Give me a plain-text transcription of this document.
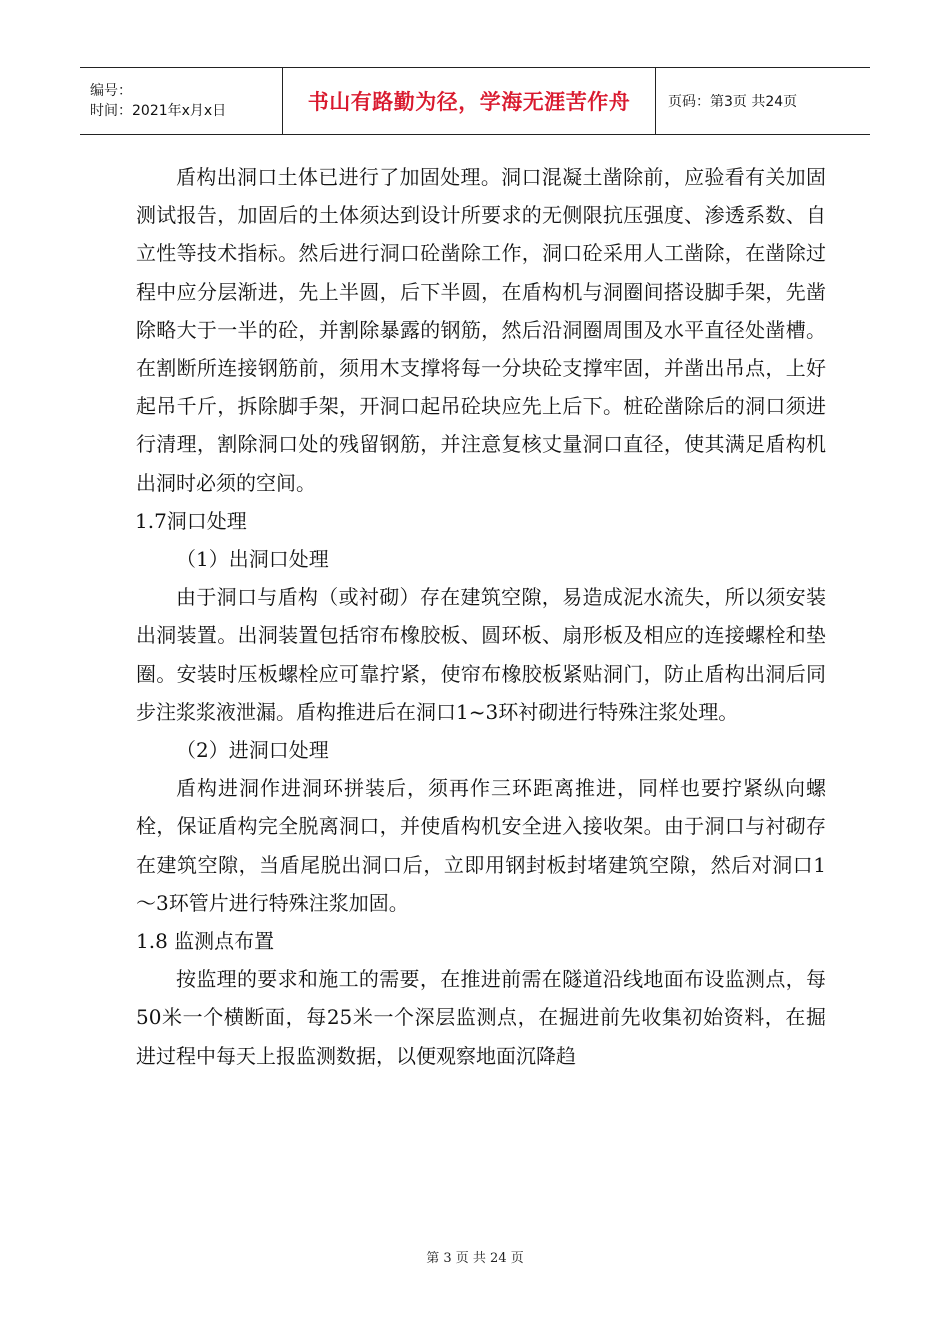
编号：
时间：2021年x月x日	书山有路勤为径，学海无涯苦作舟	页码：第3页 共24页

盾构出洞口土体已进行了加固处理。洞口混凝土凿除前，应验看有关加固测试报告，加固后的土体须达到设计所要求的无侧限抗压强度、渗透系数、自立性等技术指标。然后进行洞口砼凿除工作，洞口砼采用人工凿除，在凿除过程中应分层渐进，先上半圆，后下半圆，在盾构机与洞圈间搭设脚手架，先凿除略大于一半的砼，并割除暴露的钢筋，然后沿洞圈周围及水平直径处凿槽。在割断所连接钢筋前，须用木支撑将每一分块砼支撑牢固，并凿出吊点，上好起吊千斤，拆除脚手架，开洞口起吊砼块应先上后下。桩砼凿除后的洞口须进行清理，割除洞口处的残留钢筋，并注意复核丈量洞口直径，使其满足盾构机出洞时必须的空间。

1.7洞口处理

（1）出洞口处理

由于洞口与盾构（或衬砌）存在建筑空隙，易造成泥水流失，所以须安装出洞装置。出洞装置包括帘布橡胶板、圆环板、扇形板及相应的连接螺栓和垫圈。安装时压板螺栓应可靠拧紧，使帘布橡胶板紧贴洞门，防止盾构出洞后同步注浆浆液泄漏。盾构推进后在洞口1~3环衬砌进行特殊注浆处理。

（2）进洞口处理

盾构进洞作进洞环拼装后，须再作三环距离推进，同样也要拧紧纵向螺栓，保证盾构完全脱离洞口，并使盾构机安全进入接收架。由于洞口与衬砌存在建筑空隙，当盾尾脱出洞口后，立即用钢封板封堵建筑空隙，然后对洞口1～3环管片进行特殊注浆加固。

1.8 监测点布置

按监理的要求和施工的需要，在推进前需在隧道沿线地面布设监测点，每50米一个横断面，每25米一个深层监测点，在掘进前先收集初始资料，在掘进过程中每天上报监测数据，以便观察地面沉降趋

第 3 页 共 24 页
